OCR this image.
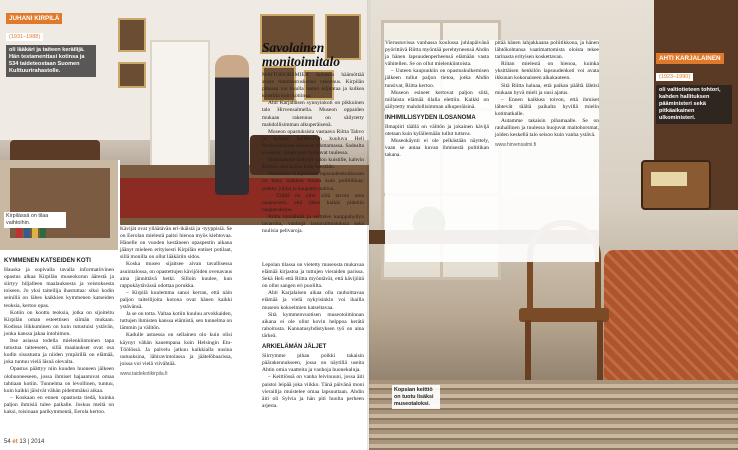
JUHANI KIRPILÄ
(1931–1988)
oli lääkäri ja taiteen keräilijä. Hän testamenttasi kotinsa ja 534 taideteostaan Suomen Kulttuurirahastolle.
Kirpilässä on tilaa vaihtoihin.
KYMMENEN KATSEIDEN KOTI

Hauska ja sopivalla tavalla informatiivinen opastus alkaa Kirpilän museokorun äärestä ja siirtyy hiljalleen maalauksesta ja veistoksesta toiseen. Jo yksi taiteilija ihastuttaa: siksi kodin seinillä on lähes kaikkien kymmenen katseiden teoksia, kertoo opas.

Kotiin on koottu teoksia, jotka on sijoiteltu Kirpilän oman esteettisen silmän mukaan. Kodissa liikkuminen on kuin tutustuisi ystävän, jonka kanssa jakaa intohimon.

Itse asiassa todella mielenkiintoinen tapa tutustua taiteeseen, sillä maalaukset ovat osa kodin sisustusta ja niiden ympärillä on elämää, joka tuntuu vielä läsnä olevalta.

Opastus päättyy niin kuuden huoneen jälkeen olohuoneeseen, jossa ihmiset hajaantuvat omaa tahtiaan kotiin. Tunnelma on levollinen, tuntuu, kuin kaikki jäisivät vähän pidemmäksi aikaa.

– Koskaan en ennen opastusta tiedä, kuinka paljon ihmisiä tulee paikalle. Joskus meitä on kaksi, toisinaan parikymmentä, Eerola kertoo.

Kävijät ovat ylläätävän eri-ikäisiä ja -tyyppisiä. Se on Eerolan mielestä paitsi hienoa myös kiehtovaa. Hänelle on vuoden kestäneen opaspestin aikana jäänyt mieleen erityisesti Kirpilän entiset potilaat, sillä monilla on ollut lääkäriin sidos.

Koska museo sijaitsee aivan tavallisessa asuintalossa, on opastettujen kävijöiden ovenavaus aina jännittävä hetki. Silloin kuulee, kun rappukäytävässä odottaa porukka.

– Kirpilä kuulemma sanoi kerran, että näin paljon taiteilijoita kotona ovat hänen kaikki ystävänsä.

Ja se on totta. Valtaa kotiin kuuluu arvokkaiden, tuttujen ihmisten kanssa elämistä, sen tunnelma on lämmin ja välitön.

Kadulle astuessa on sellainen olo kuin olisi käynyt vähän kauempana kuin Helsingin Etu-Töölössä. Ja palvelu jatkuu kaikkialla uusina uutuuksina, lähiravintolassa ja jäätelöbaarissa, joissa voi vielä viivähtää.

www.taidekotikirpila.fi
54 et 13 | 2014
Savolainen monitoimitalo

MAITOHORSMIEN lomassa häämöttää avara tummanruskeana rakennus. Kirpilän pihassa voi kuulla lasten kiljuntaa ja kulkea kuistilla kuin kotiinsa.

Ahti Karjalaisen synnyinkoti on pikkuinen talo Hirvensalmella. Museon oppaiden mukaan rakennus on säilytetty mahdollisimman alkuperäisenä.

Museon opastuksista vastaava Riitta Tahvo ja kuvaan halliteoihin kuuluva Heli Rummukainen seisovat odottamassa. Sadealta ei säästy; pihan puut huojuvat tuulessa.

Istahdamme kahville talon kuistille, kahvin ääressä aika kuluu kuin itsestään.

Valtiomies Karjalainen lapsuudenkodissaan on tehty kaikkea muuta kuin politiikkaa: pidetty juhlia ja kaupattu maitoa.

– Täällä on ollut sillä tavoin oma naapurusto, että lähes kaikki pidetiin naapuruksina.

Riitta hymähtää ja esittelee kauppahyllyn tavaroita, vanhoja lasinvalmistuksia sekä tuulisia pelivaroja.

Vierustuvissa vanhassa koulussa juhlapäivänä pyörittävä Riitta myöntää perehtyneensä Ahdin ja hänen lapsuudenperheensä elämään vasta vähitellen. Se on ollut mielenkiintoista.

– Uuteen kaupunkiin on opastuskulkemisen jälkeen tullut paljon tietoa, jotka Ahdin tunsivat, Riitta kertoo.

Museon esineet kertovat paljon siitä, millaista elämää tilalla elettiin. Kaikki on säilytetty mahdollisimman alkuperäisinä.

INHIMILLISYYDEN ILOSANOMA

Ilmapiiri täällä on välitön ja jokainen kävijä otetaan kuin kyläilemään tullut tuttava.

Museokäynti ei ole pelkästään näyttely, vaan se antaa kuvan ihmisestä politiikan takana.

pitää hänen lahjakkaana poliitikkona, ja hänen lähtökohtansa vaatimattomista oloista tekee tarinasta erityisen koskettavan.

Riitan mielestä on hienoa, kuinka yksittäisen henkilön lapsuudenkoti voi avata ikkunan kokonaiseen aikakauteen.

Sitä Riitta haluaa, että paikan päältä lähtisi mukaan hyvä mieli ja uusi ajatus.

– Ennen kaikkea toivon, että ihmiset lähtevät täältä paikalta hyvillä mielin kotimatkalle.

Autamme takaisin pihamaalle. Se on rauhallinen ja tuulessa huojuvat maitohorsmat, joiden keskellä talo seisoo kuin vanha ystävä.

www.hirvensalmi.fi

Lepolan tilassa on vietetty museosta mukavaa elämää kirjastoa ja tuttujen vieraiden parissa. Sekä Heli että Riitta myöntävät, että kävijöitä on ollut sangen eri puolilta.

Ahti Karjalaisen aikaa olla rauhoittavaa elämää ja vielä nykyisinkin voi ihailla museon kokoelmien katseltavaa.

Sitä kymmenvuotisen museotoiminnan aikana ei ole ollut kovin helppoa kerätä rahoitusta. Kannatusyhdistyksen työ on aina tärkeä.

ARKIELÄMÄN JÄLJET

Siirrymme pihan poikki takaisin päärakennukseen, jossa on näytillä useita Ahtin omia vaatteita ja vanhoja huonekaluja.

– Keittiössä on vanha leivinuuni, jossa äiti paistoi leipää joka viikko. Tänä päivänä moni vierailija muistelee omaa lapsuuttaan. Ahdin äiti oli Sylvia ja hän piti huolta perheen arjesta.

AHTI KARJALAINEN
(1923–1990)
oli valtiotieteen tohtori, kahden hallituksen pääministeri sekä pitkäaikainen ulkoministeri.
Kopsian keittiö on tuotu lisäksi museotaloksi.
